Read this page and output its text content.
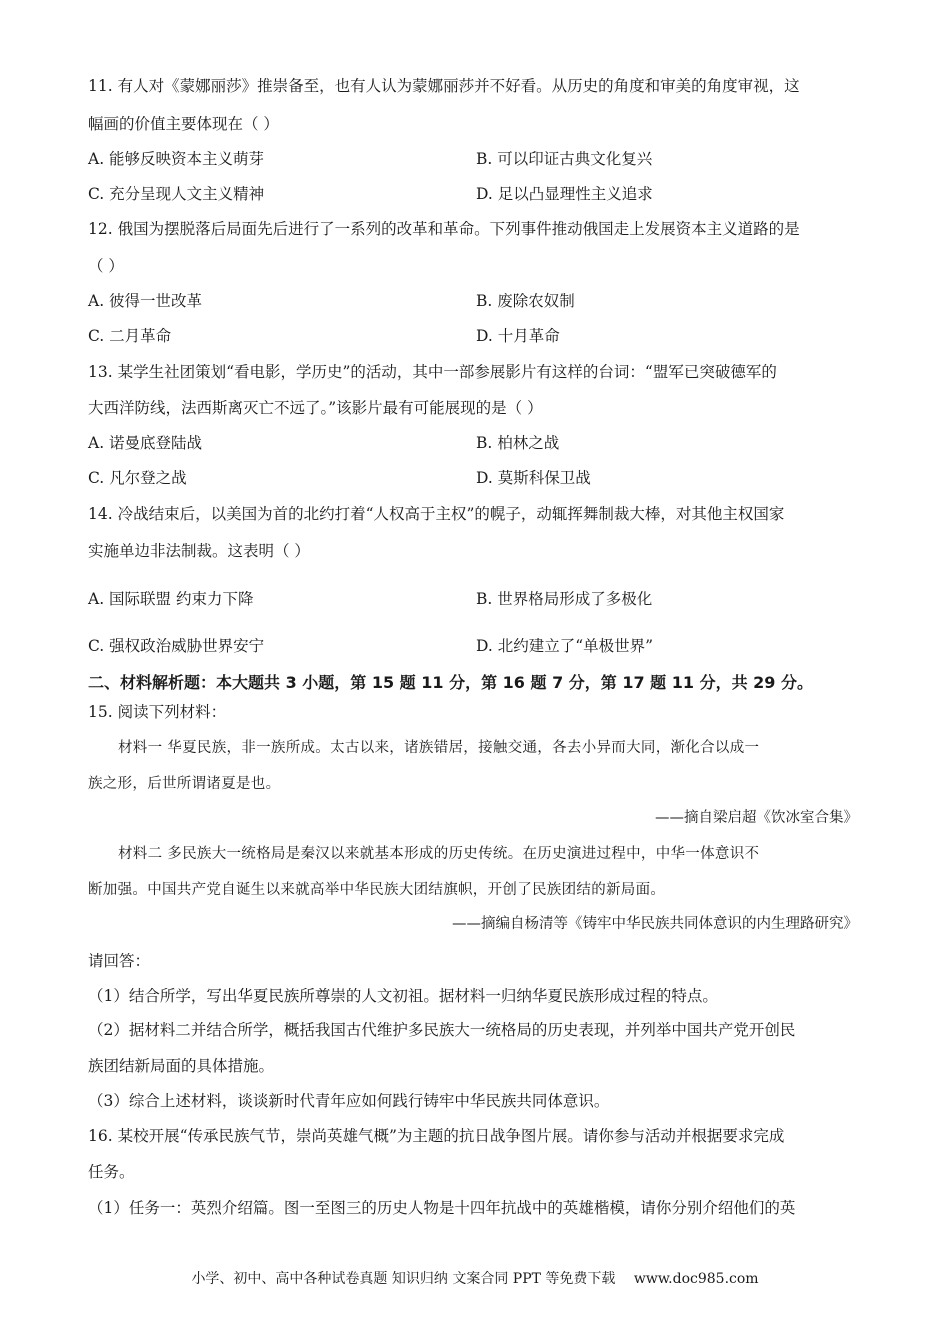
11. 有人对《蒙娜丽莎》推崇备至，也有人认为蒙娜丽莎并不好看。从历史的角度和审美的角度审视，这
幅画的价值主要体现在（ ）
A. 能够反映资本主义萌芽	B. 可以印证古典文化复兴
C. 充分呈现人文主义精神	D. 足以凸显理性主义追求
12. 俄国为摆脱落后局面先后进行了一系列的改革和革命。下列事件推动俄国走上发展资本主义道路的是
（ ）
A. 彼得一世改革	B. 废除农奴制
C. 二月革命	D. 十月革命
13. 某学生社团策划“看电影，学历史”的活动，其中一部参展影片有这样的台词：“盟军已突破德军的
大西洋防线，法西斯离灭亡不远了。”该影片最有可能展现的是（ ）
A. 诺曼底登陆战	B. 柏林之战
C. 凡尔登之战	D. 莫斯科保卫战
14. 冷战结束后，以美国为首的北约打着“人权高于主权”的幌子，动辄挥舞制裁大棒，对其他主权国家
实施单边非法制裁。这表明（ ）
A. 国际联盟 约束力下降	B. 世界格局形成了多极化
C. 强权政治威胁世界安宁	D. 北约建立了“单极世界”
二、材料解析题：本大题共 3 小题，第 15 题 11 分，第 16 题 7 分，第 17 题 11 分，共 29 分。
15. 阅读下列材料：
材料一 华夏民族，非一族所成。太古以来，诸族错居，接触交通，各去小异而大同，渐化合以成一
族之形，后世所谓诸夏是也。
——摘自梁启超《饮冰室合集》
材料二 多民族大一统格局是秦汉以来就基本形成的历史传统。在历史演进过程中，中华一体意识不
断加强。中国共产党自诞生以来就高举中华民族大团结旗帜，开创了民族团结的新局面。
——摘编自杨清等《铸牢中华民族共同体意识的内生理路研究》
请回答：
（1）结合所学，写出华夏民族所尊崇的人文初祖。据材料一归纳华夏民族形成过程的特点。
（2）据材料二并结合所学，概括我国古代维护多民族大一统格局的历史表现，并列举中国共产党开创民
族团结新局面的具体措施。
（3）综合上述材料，谈谈新时代青年应如何践行铸牢中华民族共同体意识。
16. 某校开展“传承民族气节，崇尚英雄气概”为主题的抗日战争图片展。请你参与活动并根据要求完成
任务。
（1）任务一：英烈介绍篇。图一至图三的历史人物是十四年抗战中的英雄楷模，请你分别介绍他们的英
小学、初中、高中各种试卷真题 知识归纳 文案合同 PPT 等免费下载 www.doc985.com
